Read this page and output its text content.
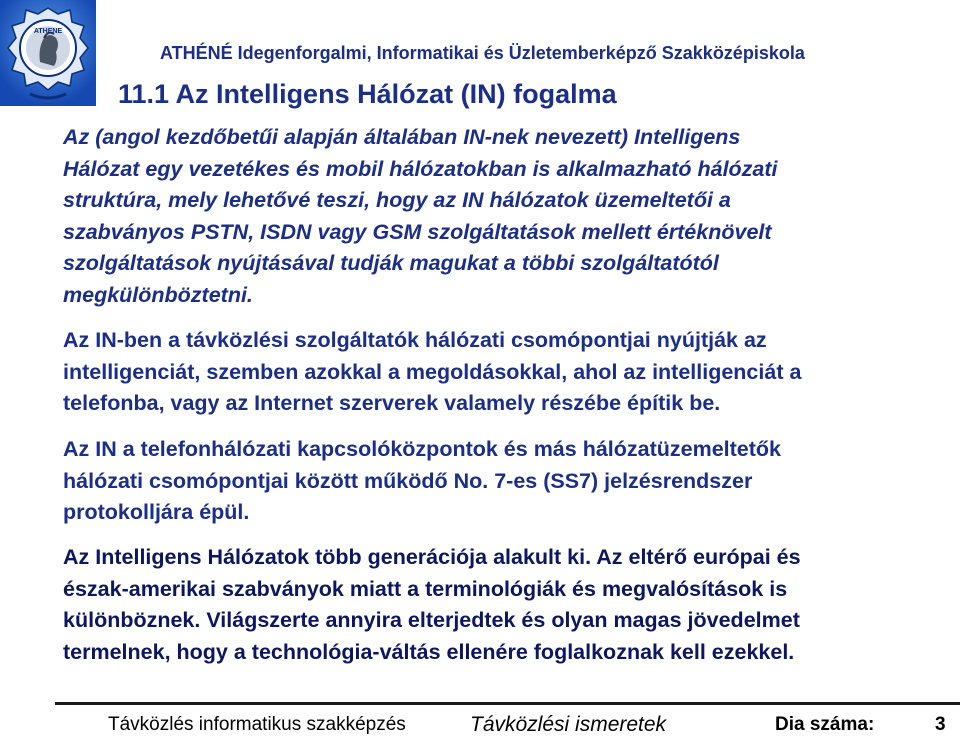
ATHENE
ATHÉNÉ Idegenforgalmi, Informatikai és Üzletemberképző Szakközépiskola
11.1 Az Intelligens Hálózat (IN) fogalma

Az (angol kezdőbetűi alapján általában IN-nek nevezett) Intelligens
Hálózat egy vezetékes és mobil hálózatokban is alkalmazható hálózati
struktúra, mely lehetővé teszi, hogy az IN hálózatok üzemeltetői a
szabványos PSTN, ISDN vagy GSM szolgáltatások mellett értéknövelt
szolgáltatások nyújtásával tudják magukat a többi szolgáltatótól
megkülönböztetni.

Az IN-ben a távközlési szolgáltatók hálózati csomópontjai nyújtják az
intelligenciát, szemben azokkal a megoldásokkal, ahol az intelligenciát a
telefonba, vagy az Internet szerverek valamely részébe építik be.

Az IN a telefonhálózati kapcsolóközpontok és más hálózatüzemeltetők
hálózati csomópontjai között működő No. 7-es (SS7) jelzésrendszer
protokolljára épül.

Az Intelligens Hálózatok több generációja alakult ki. Az eltérő európai és
észak-amerikai szabványok miatt a terminológiák és megvalósítások is
különböznek. Világszerte annyira elterjedtek és olyan magas jövedelmet
termelnek, hogy a technológia-váltás ellenére foglalkoznak kell ezekkel.

Távközlés informatikus szakképzés	Távközlési ismeretek	Dia száma:	3
